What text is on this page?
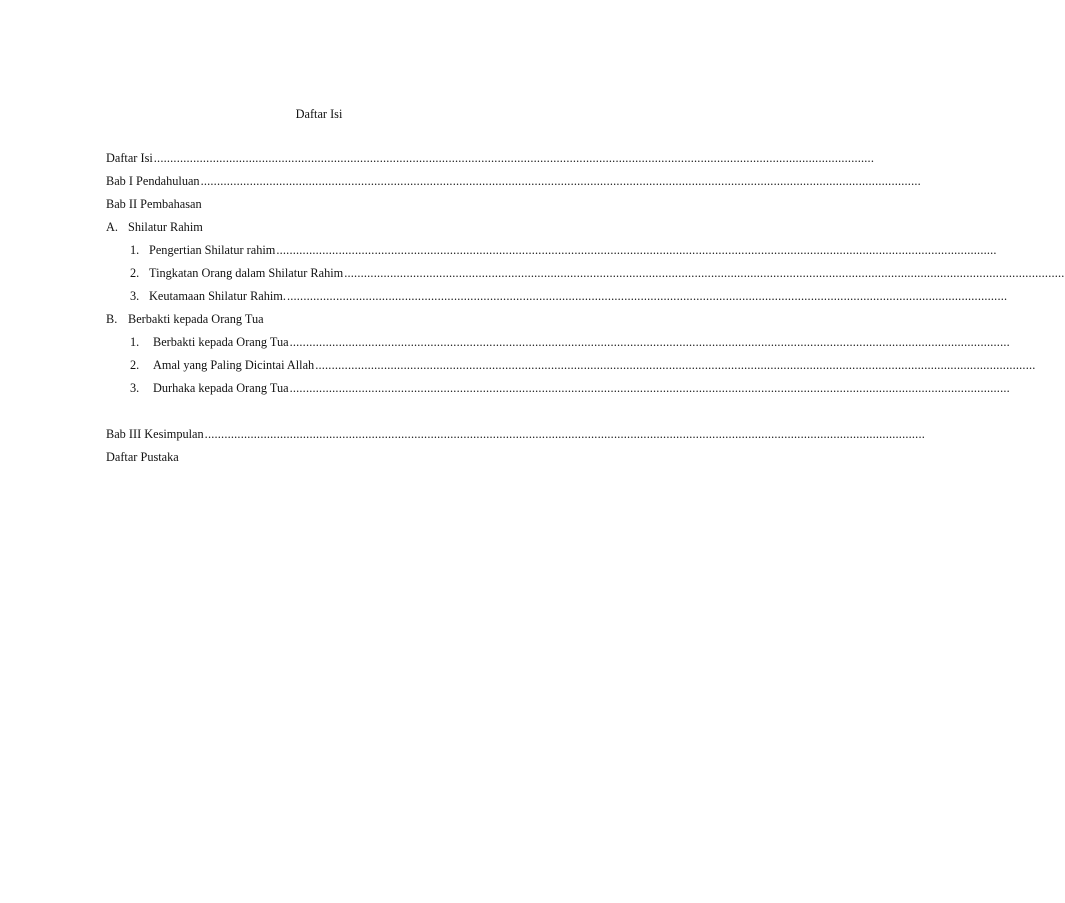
Daftar Isi
Daftar Isi ............................................................................................................................................................................................................................
Bab I Pendahuluan ............................................................................................................................................................................................................................
Bab II Pembahasan
A. Shilatur Rahim
1. Pengertian Shilatur rahim ............................................................................................................................................................................................................................
2. Tingkatan Orang dalam Shilatur Rahim ............................................................................................................................................................................................................................
3. Keutamaan Shilatur Rahim. ............................................................................................................................................................................................................................
B. Berbakti kepada Orang Tua
1.	Berbakti kepada Orang Tua ............................................................................................................................................................................................................................
2.	Amal yang Paling Dicintai Allah ............................................................................................................................................................................................................................
3.	Durhaka kepada Orang Tua ............................................................................................................................................................................................................................
Bab III Kesimpulan ............................................................................................................................................................................................................................
Daftar Pustaka
